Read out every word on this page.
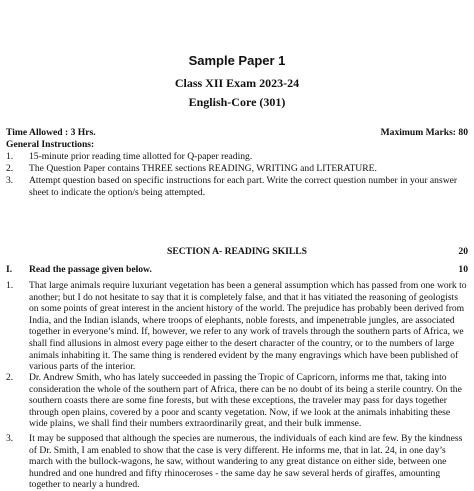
Sample Paper 1
Class XII Exam 2023-24
English-Core (301)
Time Allowed : 3 Hrs.	Maximum Marks: 80
General Instructions:
1. 15-minute prior reading time allotted for Q-paper reading.
2. The Question Paper contains THREE sections READING, WRITING and LITERATURE.
3. Attempt question based on specific instructions for each part. Write the correct question number in your answer sheet to indicate the option/s being attempted.
SECTION A- READING SKILLS	20
I. Read the passage given below.	10
1. That large animals require luxuriant vegetation has been a general assumption which has passed from one work to another; but I do not hesitate to say that it is completely false, and that it has vitiated the reasoning of geologists on some points of great interest in the ancient history of the world. The prejudice has probably been derived from India, and the Indian islands, where troops of elephants, noble forests, and impenetrable jungles, are associated together in everyone’s mind. If, however, we refer to any work of travels through the southern parts of Africa, we shall find allusions in almost every page either to the desert character of the country, or to the numbers of large animals inhabiting it. The same thing is rendered evident by the many engravings which have been published of various parts of the interior.
2. Dr. Andrew Smith, who has lately succeeded in passing the Tropic of Capricorn, informs me that, taking into consideration the whole of the southern part of Africa, there can be no doubt of its being a sterile country. On the southern coasts there are some fine forests, but with these exceptions, the traveler may pass for days together through open plains, covered by a poor and scanty vegetation. Now, if we look at the animals inhabiting these wide plains, we shall find their numbers extraordinarily great, and their bulk immense.
3. It may be supposed that although the species are numerous, the individuals of each kind are few. By the kindness of Dr. Smith, I am enabled to show that the case is very different. He informs me, that in lat. 24, in one day’s march with the bullock-wagons, he saw, without wandering to any great distance on either side, between one hundred and one hundred and fifty rhinoceroses - the same day he saw several herds of giraffes, amounting together to nearly a hundred.
